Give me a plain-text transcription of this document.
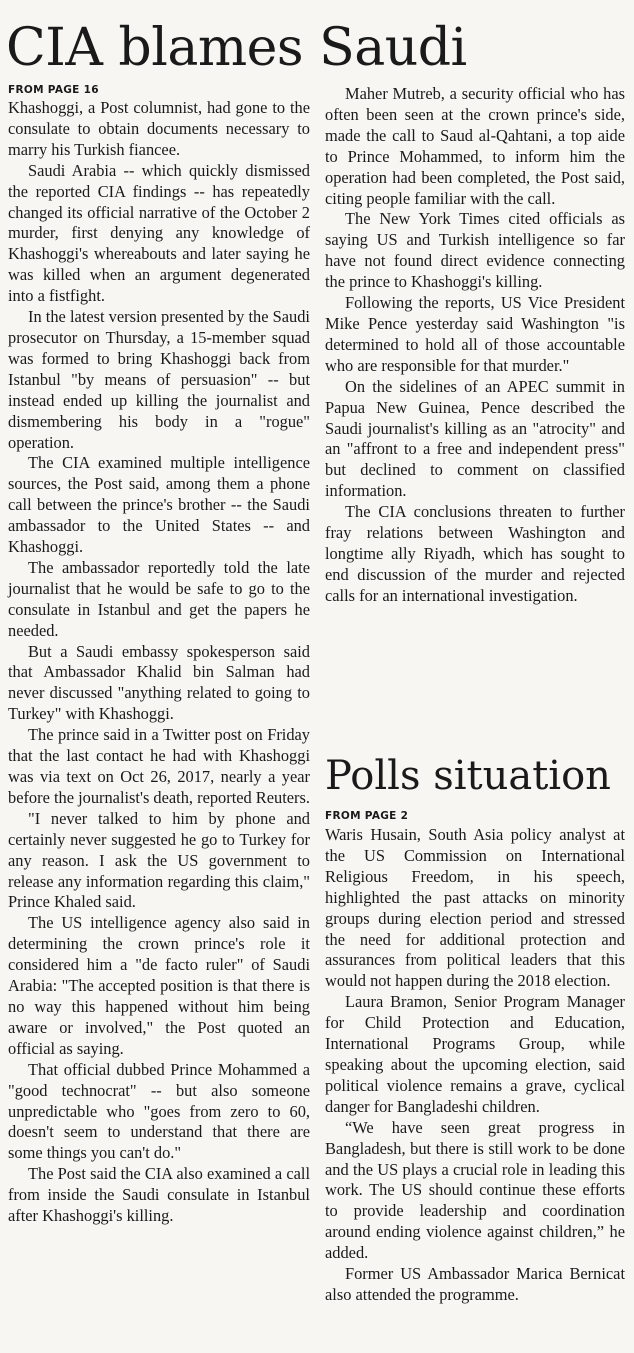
CIA blames Saudi
FROM PAGE 16

Khashoggi, a Post columnist, had gone to the consulate to obtain documents necessary to marry his Turkish fiancee.

Saudi Arabia -- which quickly dismissed the reported CIA findings -- has repeatedly changed its official narrative of the October 2 murder, first denying any knowledge of Khashoggi's whereabouts and later saying he was killed when an argument degenerated into a fistfight.

In the latest version presented by the Saudi prosecutor on Thursday, a 15-member squad was formed to bring Khashoggi back from Istanbul "by means of persuasion" -- but instead ended up killing the journalist and dismembering his body in a "rogue" operation.

The CIA examined multiple intelligence sources, the Post said, among them a phone call between the prince's brother -- the Saudi ambassador to the United States -- and Khashoggi.

The ambassador reportedly told the late journalist that he would be safe to go to the consulate in Istanbul and get the papers he needed.

But a Saudi embassy spokesperson said that Ambassador Khalid bin Salman had never discussed "anything related to going to Turkey" with Khashoggi.

The prince said in a Twitter post on Friday that the last contact he had with Khashoggi was via text on Oct 26, 2017, nearly a year before the journalist's death, reported Reuters.

"I never talked to him by phone and certainly never suggested he go to Turkey for any reason. I ask the US government to release any information regarding this claim," Prince Khaled said.

The US intelligence agency also said in determining the crown prince's role it considered him a "de facto ruler" of Saudi Arabia: "The accepted position is that there is no way this happened without him being aware or involved," the Post quoted an official as saying.

That official dubbed Prince Mohammed a "good technocrat" -- but also someone unpredictable who "goes from zero to 60, doesn't seem to understand that there are some things you can't do."

The Post said the CIA also examined a call from inside the Saudi consulate in Istanbul after Khashoggi's killing.

Maher Mutreb, a security official who has often been seen at the crown prince's side, made the call to Saud al-Qahtani, a top aide to Prince Mohammed, to inform him the operation had been completed, the Post said, citing people familiar with the call.

The New York Times cited officials as saying US and Turkish intelligence so far have not found direct evidence connecting the prince to Khashoggi's killing.

Following the reports, US Vice President Mike Pence yesterday said Washington "is determined to hold all of those accountable who are responsible for that murder."

On the sidelines of an APEC summit in Papua New Guinea, Pence described the Saudi journalist's killing as an "atrocity" and an "affront to a free and independent press" but declined to comment on classified information.

The CIA conclusions threaten to further fray relations between Washington and longtime ally Riyadh, which has sought to end discussion of the murder and rejected calls for an international investigation.

Polls situation
FROM PAGE 2

Waris Husain, South Asia policy analyst at the US Commission on International Religious Freedom, in his speech, highlighted the past attacks on minority groups during election period and stressed the need for additional protection and assurances from political leaders that this would not happen during the 2018 election.

Laura Bramon, Senior Program Manager for Child Protection and Education, International Programs Group, while speaking about the upcoming election, said political violence remains a grave, cyclical danger for Bangladeshi children.

“We have seen great progress in Bangladesh, but there is still work to be done and the US plays a crucial role in leading this work. The US should continue these efforts to provide leadership and coordination around ending violence against children,” he added.

Former US Ambassador Marica Bernicat also attended the programme.
